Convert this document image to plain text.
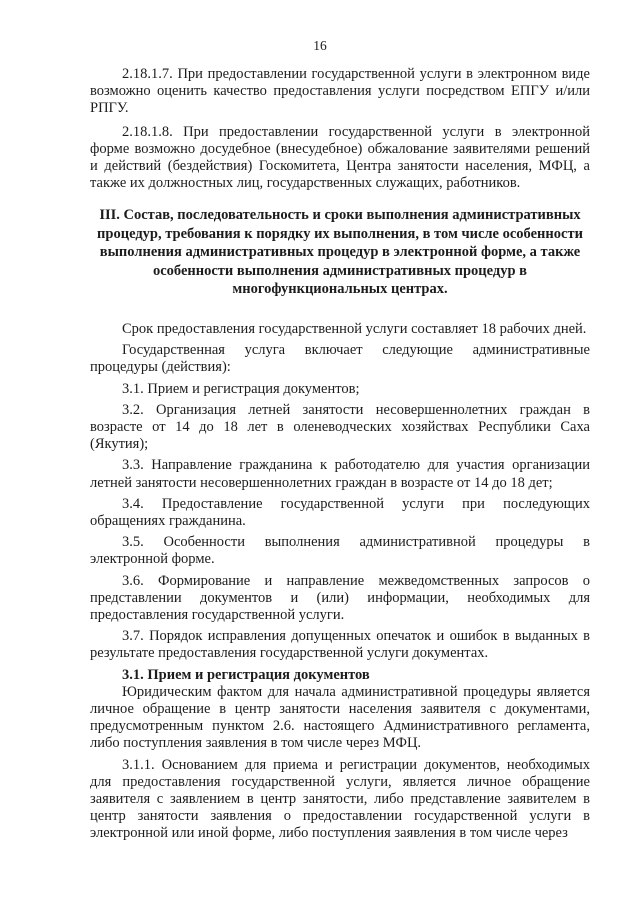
16

2.18.1.7. При предоставлении государственной услуги в электронном виде возможно оценить качество предоставления услуги посредством ЕПГУ и/или РПГУ.

2.18.1.8. При предоставлении государственной услуги в электронной форме возможно досудебное (внесудебное) обжалование заявителями решений и действий (бездействия) Госкомитета, Центра занятости населения, МФЦ, а также их должностных лиц, государственных служащих, работников.

III. Состав, последовательность и сроки выполнения административных процедур, требования к порядку их выполнения, в том числе особенности выполнения административных процедур в электронной форме, а также особенности выполнения административных процедур в многофункциональных центрах.

Срок предоставления государственной услуги составляет 18 рабочих дней.

Государственная услуга включает следующие административные процедуры (действия):

3.1. Прием и регистрация документов;

3.2. Организация летней занятости несовершеннолетних граждан в возрасте от 14 до 18 лет в оленеводческих хозяйствах Республики Саха (Якутия);

3.3. Направление гражданина к работодателю для участия организации летней занятости несовершеннолетних граждан в возрасте от 14 до 18 дет;

3.4. Предоставление государственной услуги при последующих обращениях гражданина.

3.5. Особенности выполнения административной процедуры в электронной форме.

3.6. Формирование и направление межведомственных запросов о представлении документов и (или) информации, необходимых для предоставления государственной услуги.

3.7. Порядок исправления допущенных опечаток и ошибок в выданных в результате предоставления государственной услуги документах.

3.1. Прием и регистрация документов

Юридическим фактом для начала административной процедуры является личное обращение в центр занятости населения заявителя с документами, предусмотренным пунктом 2.6. настоящего Административного регламента, либо поступления заявления в том числе через МФЦ.

3.1.1. Основанием для приема и регистрации документов, необходимых для предоставления государственной услуги, является личное обращение заявителя с заявлением в центр занятости, либо представление заявителем в центр занятости заявления о предоставлении государственной услуги в электронной или иной форме, либо поступления заявления в том числе через
